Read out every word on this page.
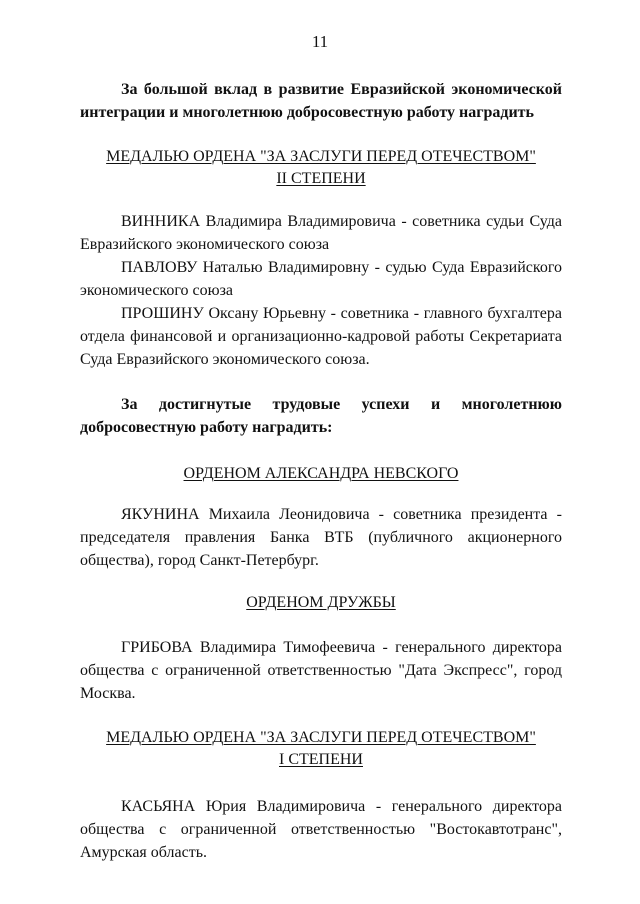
11

За большой вклад в развитие Евразийской экономической интеграции и многолетнюю добросовестную работу наградить

МЕДАЛЬЮ ОРДЕНА "ЗА ЗАСЛУГИ ПЕРЕД ОТЕЧЕСТВОМ"
II СТЕПЕНИ

ВИННИКА Владимира Владимировича - советника судьи Суда Евразийского экономического союза

ПАВЛОВУ Наталью Владимировну - судью Суда Евразийского экономического союза

ПРОШИНУ Оксану Юрьевну - советника - главного бухгалтера отдела финансовой и организационно-кадровой работы Секретариата Суда Евразийского экономического союза.

За достигнутые трудовые успехи и многолетнюю

добросовестную работу наградить:

ОРДЕНОМ АЛЕКСАНДРА НЕВСКОГО

ЯКУНИНА Михаила Леонидовича - советника президента - председателя правления Банка ВТБ (публичного акционерного общества), город Санкт-Петербург.

ОРДЕНОМ ДРУЖБЫ

ГРИБОВА Владимира Тимофеевича - генерального директора общества с ограниченной ответственностью "Дата Экспресс", город Москва.

МЕДАЛЬЮ ОРДЕНА "ЗА ЗАСЛУГИ ПЕРЕД ОТЕЧЕСТВОМ"
I СТЕПЕНИ

КАСЬЯНА Юрия Владимировича - генерального директора общества с ограниченной ответственностью "Востокавтотранс", Амурская область.
